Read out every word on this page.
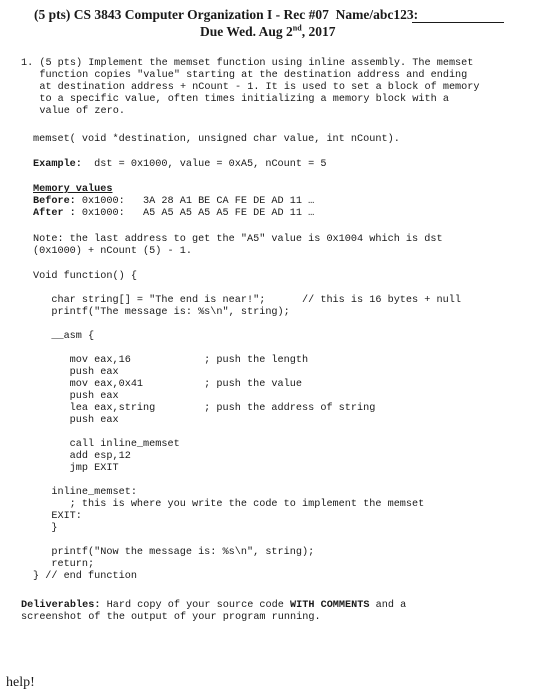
(5 pts) CS 3843 Computer Organization I - Rec #07 Name/abc123:
Due Wed. Aug 2nd, 2017
1. (5 pts) Implement the memset function using inline assembly. The memset
function copies "value" starting at the destination address and ending
at destination address + nCount - 1. It is used to set a block of memory
to a specific value, often times initializing a memory block with a
value of zero.
memset( void *destination, unsigned char value, int nCount).
Example:  dst = 0x1000, value = 0xA5, nCount = 5
Memory values
Before: 0x1000:   3A 28 A1 BE CA FE DE AD 11 …
After : 0x1000:   A5 A5 A5 A5 A5 FE DE AD 11 …
Note: the last address to get the "A5" value is 0x1004 which is dst
(0x1000) + nCount (5) - 1.
Void function() {
char string[] = "The end is near!";      // this is 16 bytes + null
printf("The message is: %s\n", string);
__asm {
mov eax,16            ; push the length
push eax
mov eax,0x41          ; push the value
push eax
lea eax,string        ; push the address of string
push eax
call inline_memset
add esp,12
jmp EXIT
inline_memset:
; this is where you write the code to implement the memset
EXIT:
}
printf("Now the message is: %s\n", string);
return;
} // end function
Deliverables: Hard copy of your source code WITH COMMENTS and a
screenshot of the output of your program running.
help!
